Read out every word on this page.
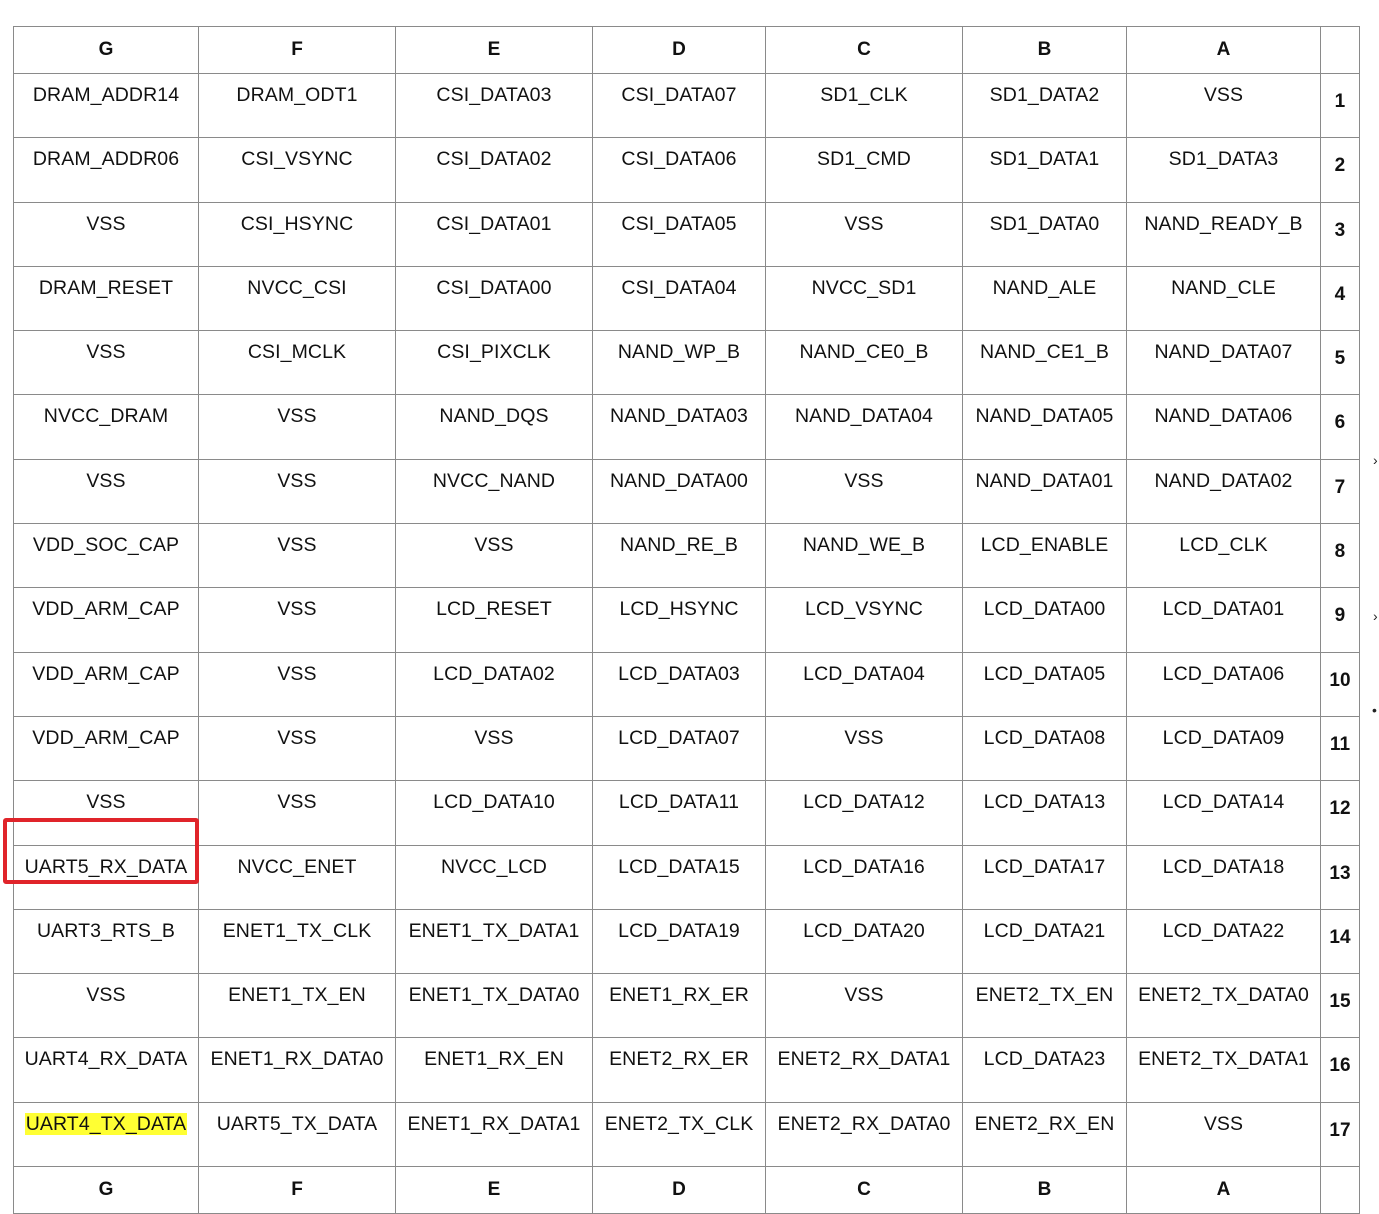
G	F	E	D	C	B	A	
DRAM_ADDR14	DRAM_ODT1	CSI_DATA03	CSI_DATA07	SD1_CLK	SD1_DATA2	VSS	1
DRAM_ADDR06	CSI_VSYNC	CSI_DATA02	CSI_DATA06	SD1_CMD	SD1_DATA1	SD1_DATA3	2
VSS	CSI_HSYNC	CSI_DATA01	CSI_DATA05	VSS	SD1_DATA0	NAND_READY_B	3
DRAM_RESET	NVCC_CSI	CSI_DATA00	CSI_DATA04	NVCC_SD1	NAND_ALE	NAND_CLE	4
VSS	CSI_MCLK	CSI_PIXCLK	NAND_WP_B	NAND_CE0_B	NAND_CE1_B	NAND_DATA07	5
NVCC_DRAM	VSS	NAND_DQS	NAND_DATA03	NAND_DATA04	NAND_DATA05	NAND_DATA06	6
VSS	VSS	NVCC_NAND	NAND_DATA00	VSS	NAND_DATA01	NAND_DATA02	7
VDD_SOC_CAP	VSS	VSS	NAND_RE_B	NAND_WE_B	LCD_ENABLE	LCD_CLK	8
VDD_ARM_CAP	VSS	LCD_RESET	LCD_HSYNC	LCD_VSYNC	LCD_DATA00	LCD_DATA01	9
VDD_ARM_CAP	VSS	LCD_DATA02	LCD_DATA03	LCD_DATA04	LCD_DATA05	LCD_DATA06	10
VDD_ARM_CAP	VSS	VSS	LCD_DATA07	VSS	LCD_DATA08	LCD_DATA09	11
VSS	VSS	LCD_DATA10	LCD_DATA11	LCD_DATA12	LCD_DATA13	LCD_DATA14	12
UART5_RX_DATA	NVCC_ENET	NVCC_LCD	LCD_DATA15	LCD_DATA16	LCD_DATA17	LCD_DATA18	13
UART3_RTS_B	ENET1_TX_CLK	ENET1_TX_DATA1	LCD_DATA19	LCD_DATA20	LCD_DATA21	LCD_DATA22	14
VSS	ENET1_TX_EN	ENET1_TX_DATA0	ENET1_RX_ER	VSS	ENET2_TX_EN	ENET2_TX_DATA0	15
UART4_RX_DATA	ENET1_RX_DATA0	ENET1_RX_EN	ENET2_RX_ER	ENET2_RX_DATA1	LCD_DATA23	ENET2_TX_DATA1	16
UART4_TX_DATA	UART5_TX_DATA	ENET1_RX_DATA1	ENET2_TX_CLK	ENET2_RX_DATA0	ENET2_RX_EN	VSS	17
G	F	E	D	C	B	A	
›
›
•
